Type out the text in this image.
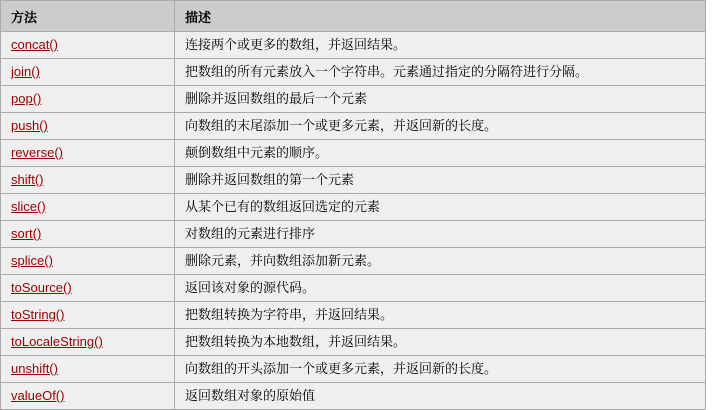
方法	描述
concat()	连接两个或更多的数组，并返回结果。
join()	把数组的所有元素放入一个字符串。元素通过指定的分隔符进行分隔。
pop()	删除并返回数组的最后一个元素
push()	向数组的末尾添加一个或更多元素，并返回新的长度。
reverse()	颠倒数组中元素的顺序。
shift()	删除并返回数组的第一个元素
slice()	从某个已有的数组返回选定的元素
sort()	对数组的元素进行排序
splice()	删除元素，并向数组添加新元素。
toSource()	返回该对象的源代码。
toString()	把数组转换为字符串，并返回结果。
toLocaleString()	把数组转换为本地数组，并返回结果。
unshift()	向数组的开头添加一个或更多元素，并返回新的长度。
valueOf()	返回数组对象的原始值
